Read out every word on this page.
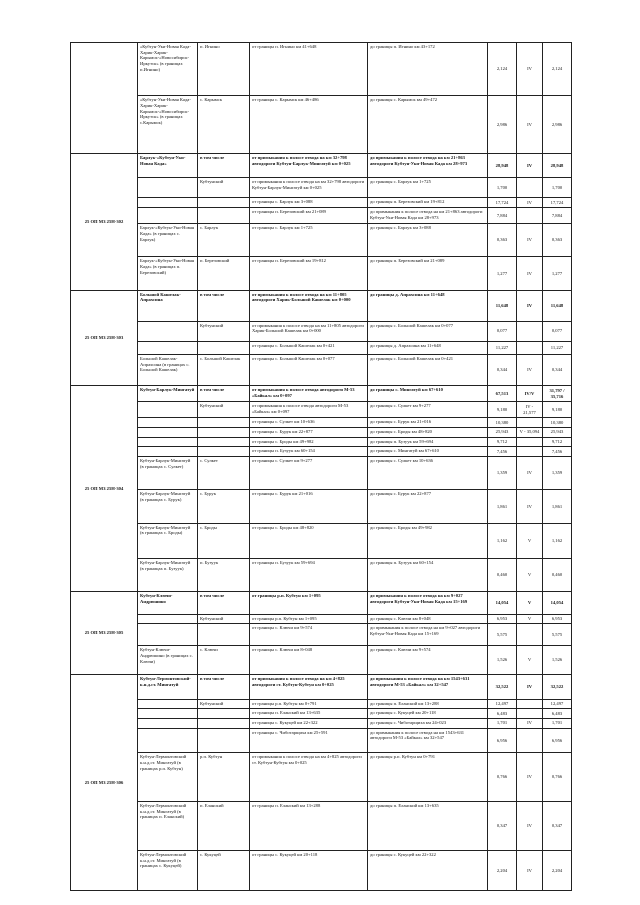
	«Кубтун-Уки-Новая Када-Харик-Харик-Карымск-«Новосибирск-Иркутск» (в границах п.Игнино)	п. Игнино	от границы п. Игнино км 41+648	до границы п. Игнино км 43+172	2,124	IV	2,124
	«Кубтун-Уки-Новая Када-Харик-Харик-Карымск-«Новосибирск-Иркутск» (в границах с.Карымск)	с. Карымск	от границы с. Карымск км 46+486	до границы с. Карымск км 49+472	2,986	IV	2,986
25 ОП МЗ 25Н-302	Барлук-«Кубтун-Уки-Новая Када»	в том числе	от примыкания к полосе отвода на км 32+798 автодороги Кубтун-Барлук-Мингатуй км 0+025	до примыкания к полосе отвода на км 21+863 автодороги Кубтун-Уки-Новая Када км 28+973	28,948	IV	28,948
		Кубтунский	от примыкания к полосе отвода на км 32+798 автодороги Кубтун-Барлук-Мингатуй км 0+025	до границы с. Барлук км 1+725	1,700		1,700
			от границы с. Барлук км 3+088	до границы п. Березовский км 19+812	17,724	IV	17,724
			от границы п. Березовский км 21+089	до примыкания к полосе отвода на км 21+863 автодороги Кубтун-Уки-Новая Када км 28+973	7,884		7,884
	Барлук-«Кубтун-Уки-Новая Када» (в границах с. Барлук)	с. Барлук	от границы с. Барлук км 1+725	до границы с. Барлук км 3+088	0,363	IV	0,363
	Барлук-«Кубтун-Уки-Новая Када» (в границах п. Березовский)	п. Березовский	от границы п. Березовский км 19+812	до границы п. Березовский км 21+089	1,277	IV	1,277
25 ОП МЗ 25Н-303	Большой Кашелак-Апрахсина	в том числе	от примыкания к полосе отвода на км 11+805 автодороги Харик-Большой Кашелак км 0+000	до границы д. Апрахсина км 11+648	11,648	IV	11,648
		Кубтунский	от примыкания к полосе отвода на км 11+805 автодороги Харик-Большой Кашелак км 0+000	до границы с. Большой Кашелак км 0+077	0,077		0,077
			от границы с. Большой Кашелак км 0+421	до границы д. Апрахсина км 11+648	11,227		11,227
	Большой Кашелак-Апрахсина (в границах с. Большой Кашелак)	с. Большой Кашелак	от границы с. Большой Кашелак км 0+077	до границы с. Большой Кашелак км 0+421	0,344	IV	0,344
25 ОП МЗ 25Н-304	Кубтун-Барлук-Мингатуй	в том числе	от примыкания к полосе отвода автодороги М-53 «Байкал» км 0+097	до границы с. Мингатуй км 67+610	67,513	IV/V	31,797 / 35,716
		Кубтунский	от примыкания к полосе отвода автодороги М-53 «Байкал» км 0+097	до границы с. Сулкет км 9+277	9,180	IV - 21,577	9,180
			от границы с. Сулкет км 10+636	до границы с. Бурук км 21+016	10,380		10,380
			от границы с. Бурук км 22+877	до границы с. Броды км 48+820	25,943	V - 35,094	25,943
			от границы с. Броды км 49+982	до границы п. Бузуук км 59+694	9,712		9,712
			от границы п. Бузуук км 60+154	до границы с. Мингатуй км 67+610	7,456		7,456
	Кубтун-Барлук-Мингатуй (в границах с. Сулкет)	с. Сулкет	от границы с. Сулкет км 9+277	до границы с. Сулкет км 10+636	1,359	IV	1,359
	Кубтун-Барлук-Мингатуй (в границах с. Бурук)	с. Бурук	от границы с. Бурук км 21+016	до границы с. Бурук км 22+877	1,861	IV	1,861
	Кубтун-Барлук-Мингатуй (в границах с. Броды)	с. Броды	от границы с. Броды км 48+820	до границы с. Броды км 49+982	1,162	V	1,162
	Кубтун-Барлук-Мингатуй (в границах п. Бузуук)	п. Бузуук	от границы п. Бузуук км 59+694	до границы п. Бузуук км 60+154	0,460	V	0,460
25 ОП МЗ 25Н-305	Кубтун-Ключи-Андрюшино	в том числе	от границы р.п. Кубтун км 1+095	до примыкания к полосе отвода на км 9+027 автодороги Кубтун-Уки-Новая Када км 15+169	14,054	V	14,054
		Кубтунский	от границы р.п. Кубтун км 1+095	до границы с. Ключи км 8+048	6,953	V	6,953
			от границы с. Ключи км 9+574	до примыкания к полосе отвода на км 9+027 автодороги Кубтун-Уки-Новая Када км 15+169	5,575		5,575
	Кубтун-Ключи-Андрюшино (в границах с. Ключи)	с. Ключи	от границы с. Ключи км 8+048	до границы с. Ключи км 9+574	1,526	V	1,526
25 ОП МЗ 25Н-306	Кубтун-Лермонтовский-к.н.д.ст. Мингатуй	в том числе	от примыкания к полосе отвода на км 4+825 автодороги ст. Кубтун-Кубтун км 0+025	до примыкания к полосе отвода на км 1543+631 автодороги М-53 «Байкал» км 32+547	32,522	IV	32,522
		Кубтунский	от границы р.п. Кубтун км 0+791	до границы п. Еланский км 13+288	12,497		12,497
			от границы п. Еланский км 13+635	до границы с. Кукуцей км 20+118	6,483		6,483
			от границы с. Кукуцей км 22+322	до границы с. Чиботарщиха км 24+023	1,701	IV	1,701
			от границы с. Чиботарщиха км 25+591	до примыкания к полосе отвода на км 1543+631 автодороги М-53 «Байкал» км 32+547	6,956		6,956
	Кубтун-Лермонтовский к.н.д.ст. Мингатуй (в границах р.п. Кубтун)	р.п. Кубтун	от примыкания к полосе отвода на км 4+825 автодороги ст. Кубтун-Кубтун км 0+025	до границы р.п. Кубтун км 0+791	0,766	IV	0,766
	Кубтун-Лермонтовский к.н.д.ст. Мингатуй (в границах п. Еланский)	п. Еланский	от границы п. Еланский км 13+288	до границы п. Еланский км 13+635	0,347	IV	0,347
	Кубтун-Лермонтовский к.н.д.ст. Мингатуй (в границах с. Кукуцей)	с. Кукуцей	от границы с. Кукуцей км 20+118	до границы с. Кукуцей км 22+322	2,204	IV	2,204
